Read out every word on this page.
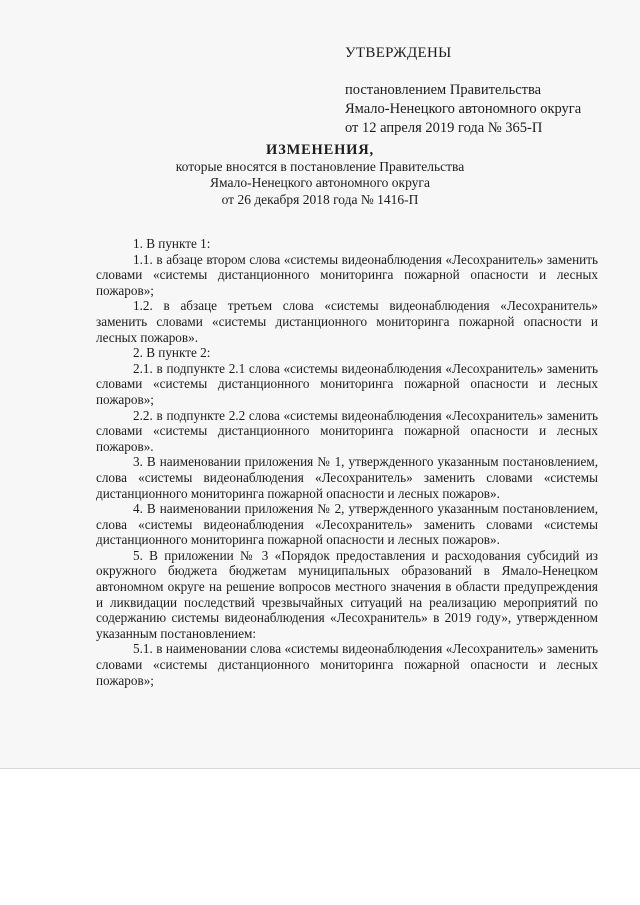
УТВЕРЖДЕНЫ
постановлением Правительства
Ямало-Ненецкого автономного округа
от 12 апреля 2019 года № 365-П
ИЗМЕНЕНИЯ,
которые вносятся в постановление Правительства
Ямало-Ненецкого автономного округа
от 26 декабря 2018 года № 1416-П

1. В пункте 1:

1.1. в абзаце втором слова «системы видеонаблюдения «Лесохранитель» заменить словами «системы дистанционного мониторинга пожарной опасности и лесных пожаров»;

1.2. в абзаце третьем слова «системы видеонаблюдения «Лесохранитель» заменить словами «системы дистанционного мониторинга пожарной опасности и лесных пожаров».

2. В пункте 2:

2.1. в подпункте 2.1 слова «системы видеонаблюдения «Лесохранитель» заменить словами «системы дистанционного мониторинга пожарной опасности и лесных пожаров»;

2.2. в подпункте 2.2 слова «системы видеонаблюдения «Лесохранитель» заменить словами «системы дистанционного мониторинга пожарной опасности и лесных пожаров».

3. В наименовании приложения № 1, утвержденного указанным постановлением, слова «системы видеонаблюдения «Лесохранитель» заменить словами «системы дистанционного мониторинга пожарной опасности и лесных пожаров».

4. В наименовании приложения № 2, утвержденного указанным постановлением, слова «системы видеонаблюдения «Лесохранитель» заменить словами «системы дистанционного мониторинга пожарной опасности и лесных пожаров».

5. В приложении № 3 «Порядок предоставления и расходования субсидий из окружного бюджета бюджетам муниципальных образований в Ямало-Ненецком автономном округе на решение вопросов местного значения в области предупреждения и ликвидации последствий чрезвычайных ситуаций на реализацию мероприятий по содержанию системы видеонаблюдения «Лесохранитель» в 2019 году», утвержденном указанным постановлением:

5.1. в наименовании слова «системы видеонаблюдения «Лесохранитель» заменить словами «системы дистанционного мониторинга пожарной опасности и лесных пожаров»;
